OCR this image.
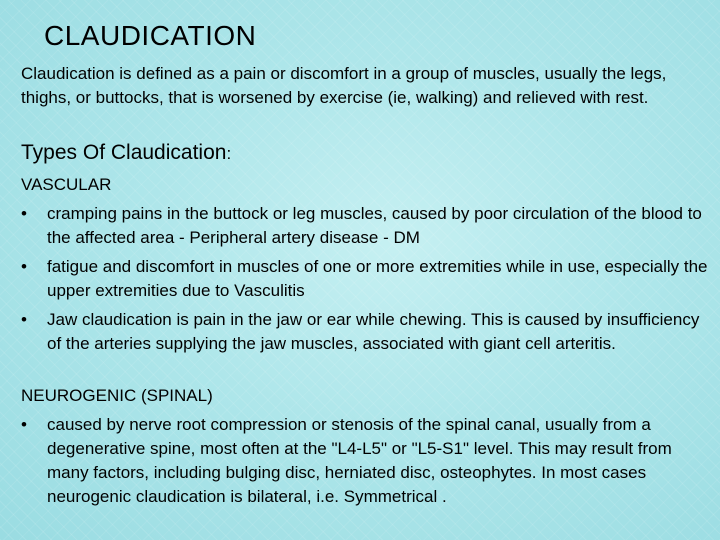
CLAUDICATION

Claudication is defined as a pain or discomfort in a group of muscles, usually the legs, thighs, or buttocks, that is worsened by exercise (ie, walking) and relieved with rest.

Types Of Claudication:
VASCULAR
• cramping pains in the buttock or leg muscles, caused by poor circulation of the blood to the affected area - Peripheral artery disease - DM
• fatigue and discomfort in muscles of one or more extremities while in use, especially the upper extremities due to Vasculitis
• Jaw claudication is pain in the jaw or ear while chewing. This is caused by insufficiency of the arteries supplying the jaw muscles, associated with giant cell arteritis.
NEUROGENIC (SPINAL)
• caused by nerve root compression or stenosis of the spinal canal, usually from a degenerative spine, most often at the "L4-L5" or "L5-S1" level. This may result from many factors, including bulging disc, herniated disc, osteophytes. In most cases neurogenic claudication is bilateral, i.e. Symmetrical .
